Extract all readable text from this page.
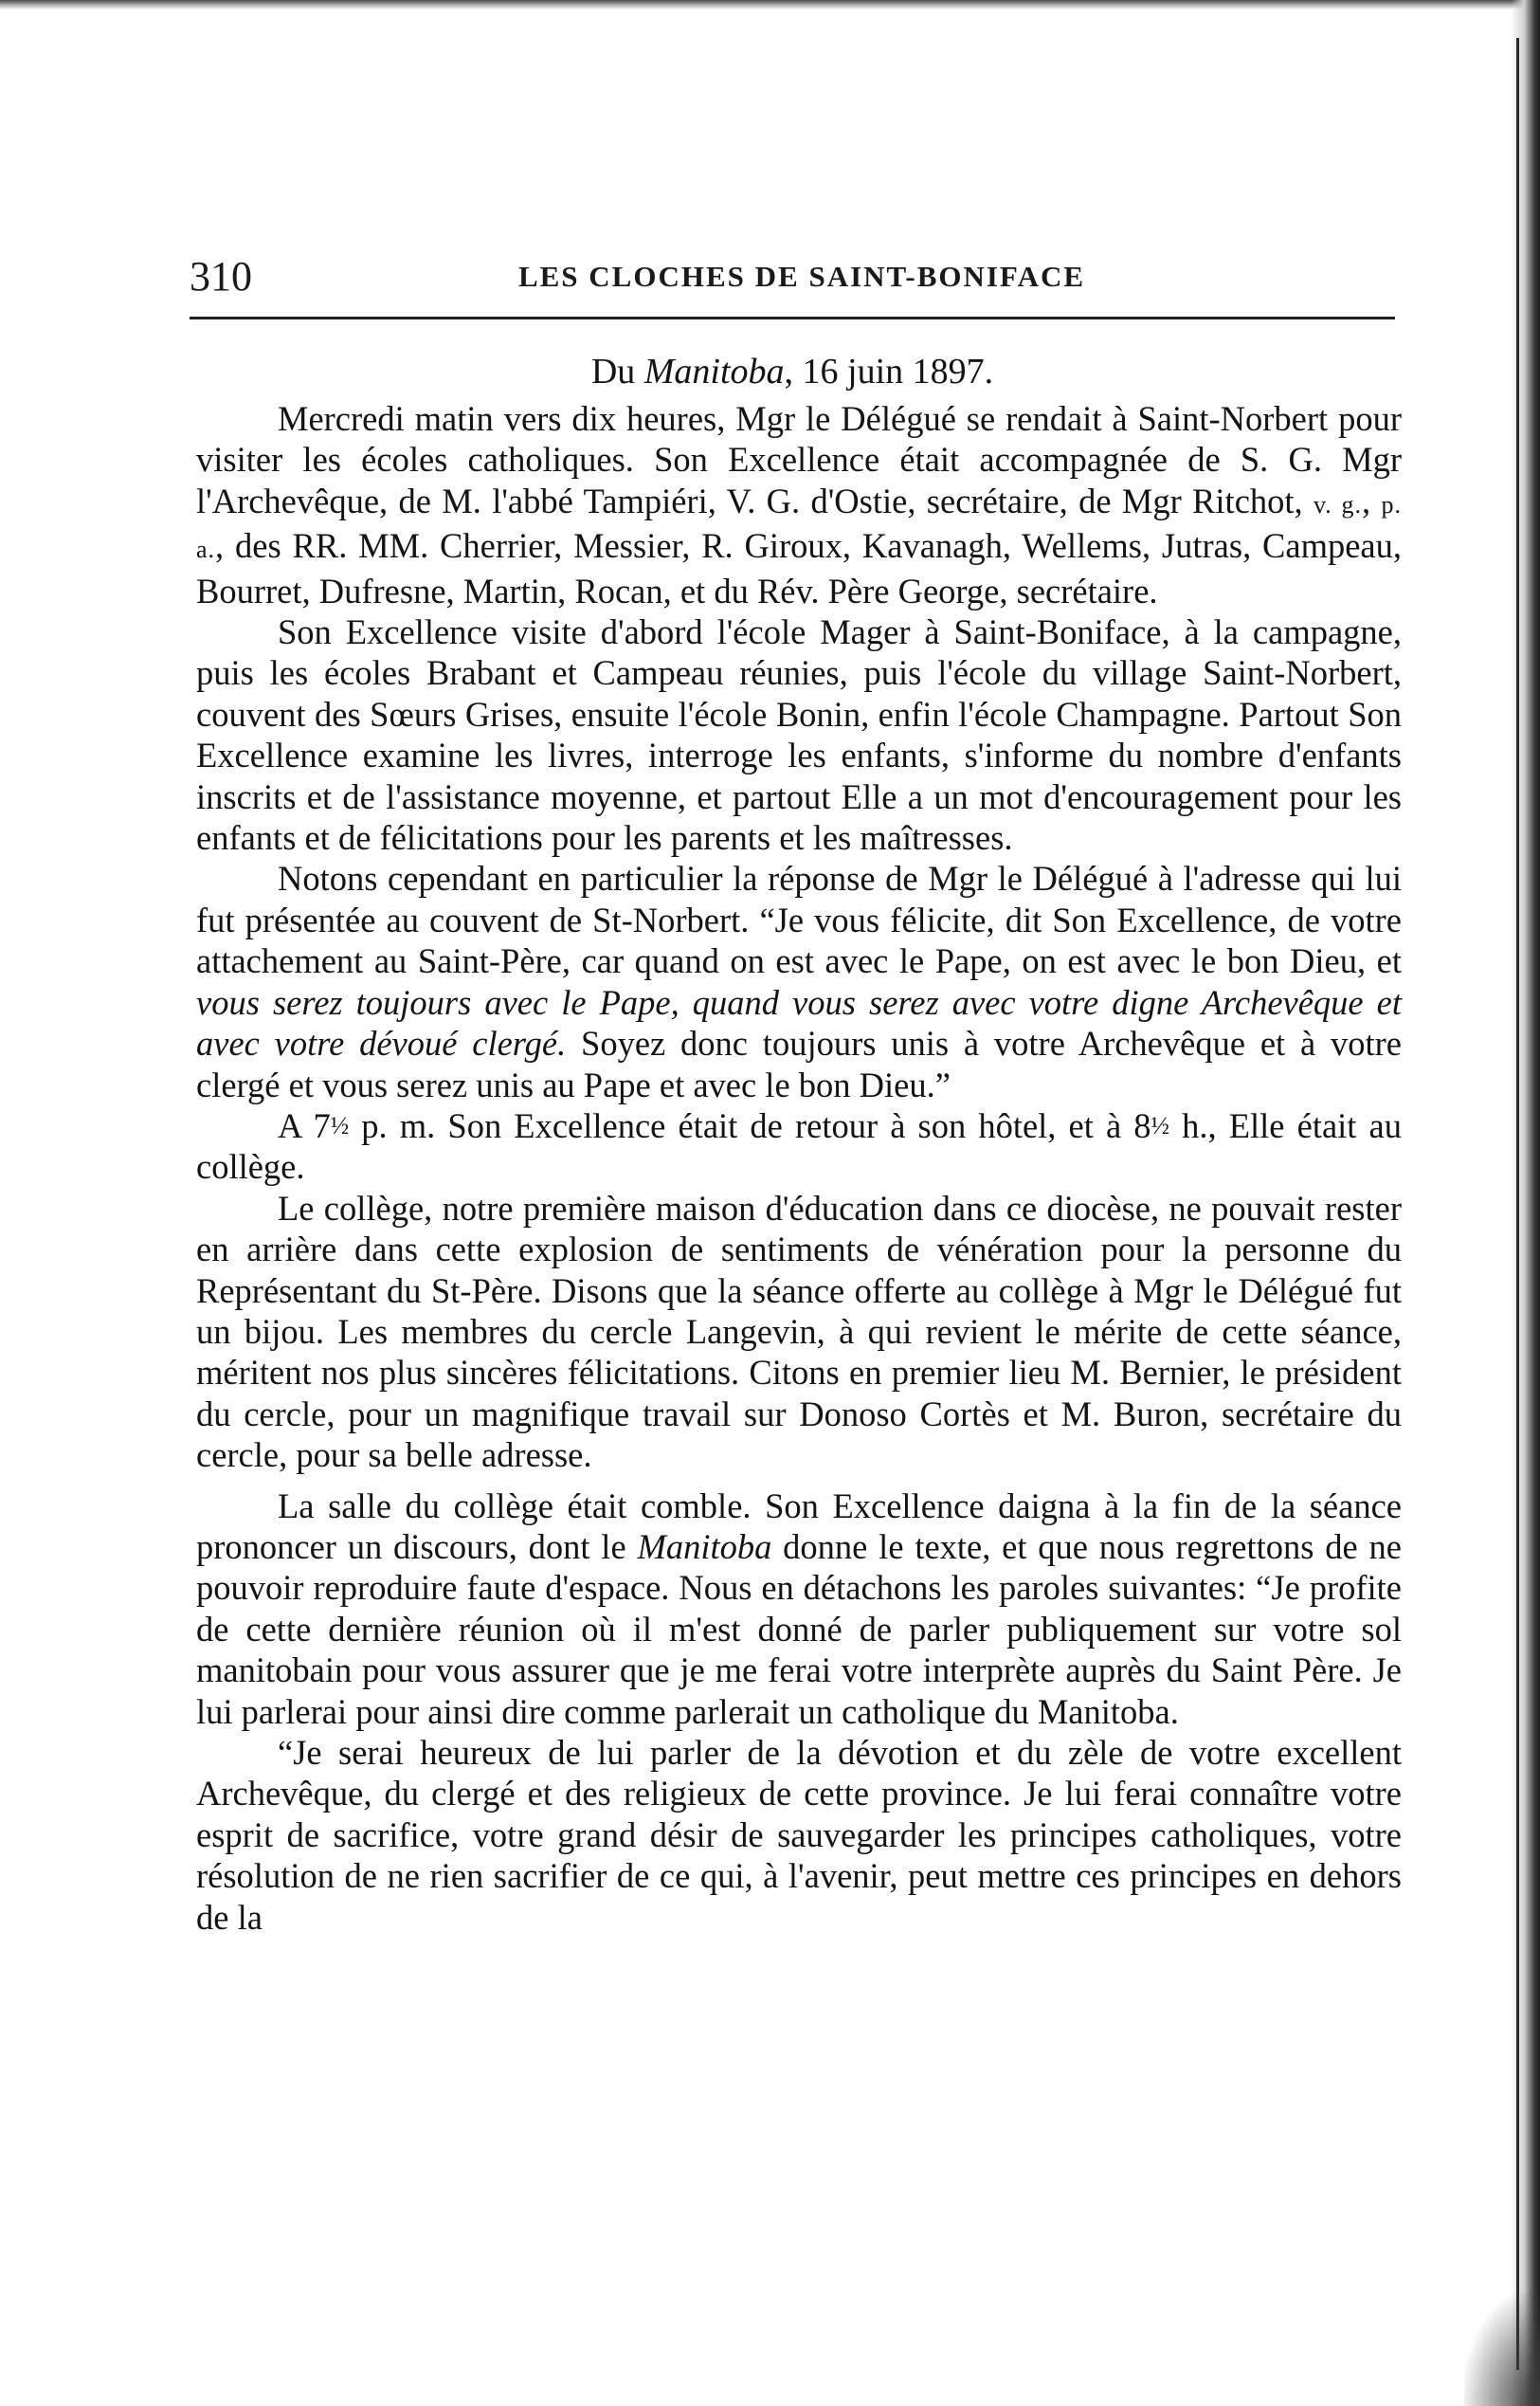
310	LES CLOCHES DE SAINT-BONIFACE
Du Manitoba, 16 juin 1897.

Mercredi matin vers dix heures, Mgr le Délégué se rendait à Saint-Norbert pour visiter les écoles catholiques. Son Excellence était accompagnée de S. G. Mgr l'Archevêque, de M. l'abbé Tampiéri, V. G. d'Ostie, secrétaire, de Mgr Ritchot, v. g., p. a., des RR. MM. Cherrier, Messier, R. Giroux, Kavanagh, Wellems, Jutras, Campeau, Bourret, Dufresne, Martin, Rocan, et du Rév. Père George, secrétaire.

Son Excellence visite d'abord l'école Mager à Saint-Boniface, à la campagne, puis les écoles Brabant et Campeau réunies, puis l'école du village Saint-Norbert, couvent des Sœurs Grises, ensuite l'école Bonin, enfin l'école Champagne. Partout Son Excellence examine les livres, interroge les enfants, s'informe du nombre d'enfants inscrits et de l'assistance moyenne, et partout Elle a un mot d'encouragement pour les enfants et de félicitations pour les parents et les maîtresses.

Notons cependant en particulier la réponse de Mgr le Délégué à l'adresse qui lui fut présentée au couvent de St-Norbert. “Je vous félicite, dit Son Excellence, de votre attachement au Saint-Père, car quand on est avec le Pape, on est avec le bon Dieu, et vous serez toujours avec le Pape, quand vous serez avec votre digne Archevêque et avec votre dévoué clergé. Soyez donc toujours unis à votre Archevêque et à votre clergé et vous serez unis au Pape et avec le bon Dieu.”

A 7½ p. m. Son Excellence était de retour à son hôtel, et à 8½ h., Elle était au collège.

Le collège, notre première maison d'éducation dans ce diocèse, ne pouvait rester en arrière dans cette explosion de sentiments de vénération pour la personne du Représentant du St-Père. Disons que la séance offerte au collège à Mgr le Délégué fut un bijou. Les membres du cercle Langevin, à qui revient le mérite de cette séance, méritent nos plus sincères félicitations. Citons en premier lieu M. Bernier, le président du cercle, pour un magnifique travail sur Donoso Cortès et M. Buron, secrétaire du cercle, pour sa belle adresse.

La salle du collège était comble. Son Excellence daigna à la fin de la séance prononcer un discours, dont le Manitoba donne le texte, et que nous regrettons de ne pouvoir reproduire faute d'espace. Nous en détachons les paroles suivantes: “Je profite de cette dernière réunion où il m'est donné de parler publiquement sur votre sol manitobain pour vous assurer que je me ferai votre interprète auprès du Saint Père. Je lui parlerai pour ainsi dire comme parlerait un catholique du Manitoba.

“Je serai heureux de lui parler de la dévotion et du zèle de votre excellent Archevêque, du clergé et des religieux de cette province. Je lui ferai connaître votre esprit de sacrifice, votre grand désir de sauvegarder les principes catholiques, votre résolution de ne rien sacrifier de ce qui, à l'avenir, peut mettre ces principes en dehors de la
